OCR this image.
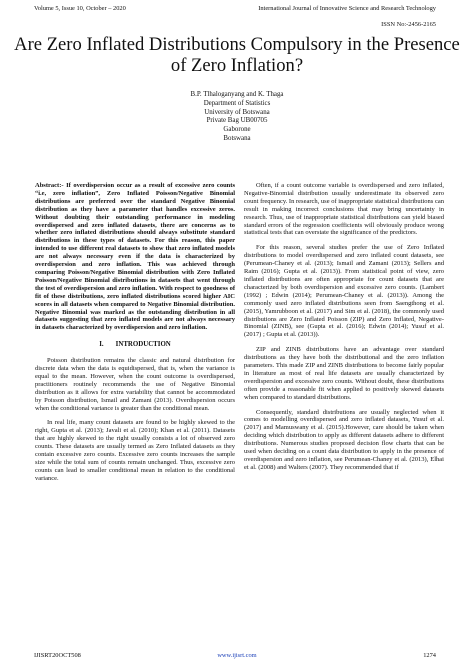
Volume 5, Issue 10, October – 2020	International Journal of Innovative Science and Research Technology
ISSN No:-2456-2165
Are Zero Inflated Distributions Compulsory in the Presence of Zero Inflation?
B.P. Tlhaloganyang and K. Thaga
Department of Statistics
University of Botswana
Private Bag UB00705
Gaborone
Botswana

Abstract:- If overdispersion occur as a result of excessive zero counts “i.e, zero inflation”, Zero Inflated Poisson/Negative Binomial distributions are preferred over the standard Negative Binomial distribution as they have a parameter that handles excessive zeros. Without doubting their outstanding performance in modeling overdispersed and zero inflated datasets, there are concerns as to whether zero inflated distributions should always substitute standard distributions in these types of datasets. For this reason, this paper intended to use different real datasets to show that zero inflated models are not always necessary even if the data is characterized by overdispersion and zero inflation. This was achieved through comparing Poisson/Negative Binomial distribution with Zero Inflated Poisson/Negative Binomial distributions in datasets that went through the test of overdispersion and zero inflation. With respect to goodness of fit of these distributions, zero inflated distributions scored higher AIC scores in all datasets when compared to Negative Binomial distribution. Negative Binomial was marked as the outstanding distribution in all datasets suggesting that zero inflated models are not always necessary in datasets characterized by overdispersion and zero inflation.

I. INTRODUCTION

Poisson distribution remains the classic and natural distribution for discrete data when the data is equidispersed, that is, when the variance is equal to the mean. However, when the count outcome is overdispersed, practitioners routinely recommends the use of Negative Binomial distribution as it allows for extra variability that cannot be accommodated by Poisson distribution, Ismail and Zamani (2013). Overdispersion occurs when the conditional variance is greater than the conditional mean.

In real life, many count datasets are found to be highly skewed to the right, Gupta et al. (2013); Javali et al. (2010); Khan et al. (2011). Datasets that are highly skewed to the right usually consists a lot of observed zero counts. These datasets are usually termed as Zero Inflated datasets as they contain excessive zero counts. Excessive zero counts increases the sample size while the total sum of counts remain unchanged. Thus, excessive zero counts can lead to smaller conditional mean in relation to the conditional variance.

Often, if a count outcome variable is overdispersed and zero inflated, Negative-Binomial distribution usually underestimate its observed zero count frequency. In research, use of inappropriate statistical distributions can result in making incorrect conclusions that may bring uncertainty in research. Thus, use of inappropriate statistical distributions can yield biased standard errors of the regression coefficients will obviously produce wrong statistical tests that can overstate the significance of the predictors.

For this reason, several studies prefer the use of Zero Inflated distributions to model overdispersed and zero inflated count datasets, see (Perumean-Chaney et al. (2013); Ismail and Zamani (2013); Sellers and Raim (2016); Gupta et al. (2013)). From statistical point of view, zero inflated distributions are often appropriate for count datasets that are characterized by both overdispersion and excessive zero counts. (Lambert (1992) ; Edwin (2014); Perumean-Chaney et al. (2013)). Among the commonly used zero inflated distributions seen from Saengthong et al. (2015), Yamrubboon et al. (2017) and Sim et al. (2018), the commonly used distributions are Zero Inflated Poisson (ZIP) and Zero Inflated, Negative-Binomial (ZINB), see (Gupta et al. (2016); Edwin (2014); Yusuf et al. (2017) ; Gupta et al. (2013)).

ZIP and ZINB distributions have an advantage over standard distributions as they have both the distributional and the zero inflation parameters. This made ZIP and ZINB distributions to become fairly popular in literature as most of real life datasets are usually characterized by overdispersion and excessive zero counts. Without doubt, these distributions often provide a reasonable fit when applied to positively skewed datasets when compared to standard distributions.

Consequently, standard distributions are usually neglected when it comes to modelling overdispersed and zero inflated datasets, Yusuf et al. (2017) and Mamuswany et al. (2015).However, care should be taken when deciding which distribution to apply as different datasets adhere to different distributions. Numerous studies proposed decision flow charts that can be used when deciding on a count data distribution to apply in the presence of overdispersion and zero inflation, see Perumean-Chaney et al. (2013), Elhai et al. (2008) and Walters (2007). They recommended that if

IJISRT20OCT508	www.ijisrt.com	1274
